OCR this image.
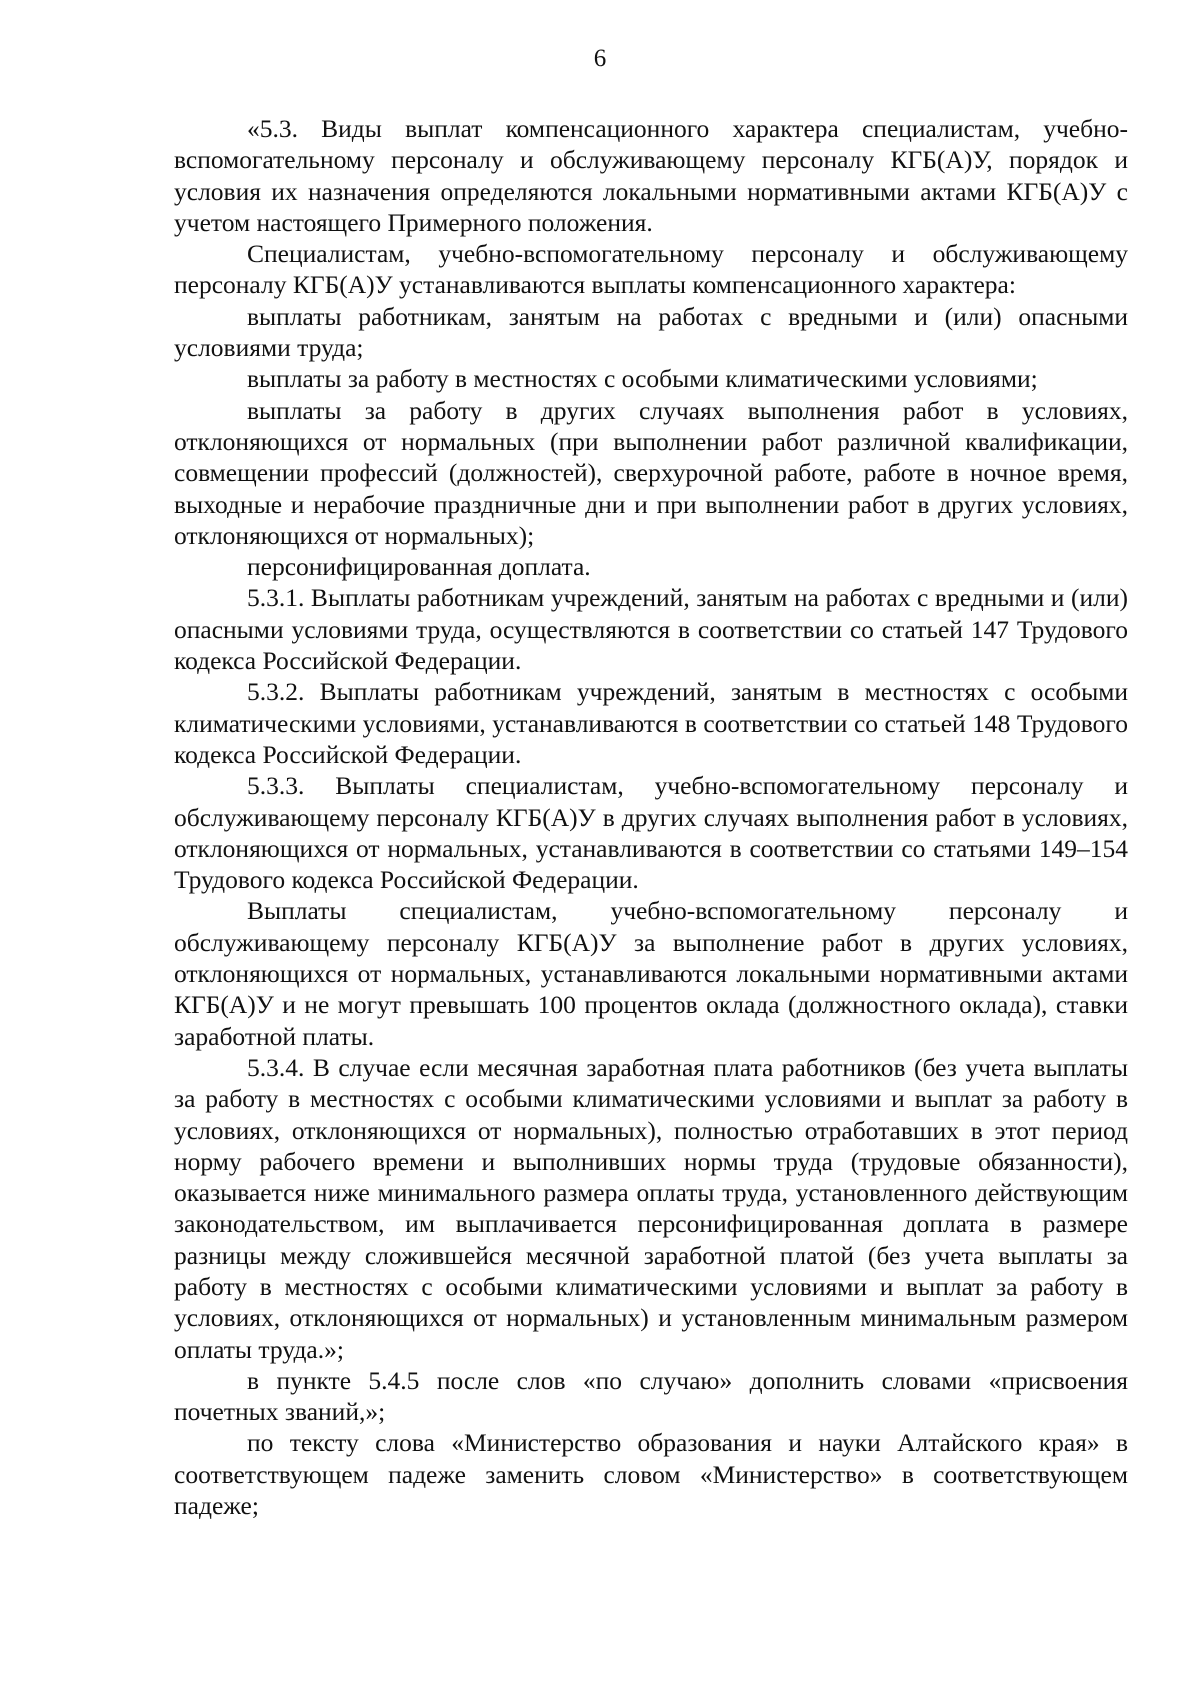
6

«5.3. Виды выплат компенсационного характера специалистам, учебно-вспомогательному персоналу и обслуживающему персоналу КГБ(А)У, порядок и условия их назначения определяются локальными нормативными актами КГБ(А)У с учетом настоящего Примерного положения.

Специалистам, учебно-вспомогательному персоналу и обслуживающему персоналу КГБ(А)У устанавливаются выплаты компенсационного характера:

выплаты работникам, занятым на работах с вредными и (или) опасными условиями труда;

выплаты за работу в местностях с особыми климатическими условиями;

выплаты за работу в других случаях выполнения работ в условиях, отклоняющихся от нормальных (при выполнении работ различной квалификации, совмещении профессий (должностей), сверхурочной работе, работе в ночное время, выходные и нерабочие праздничные дни и при выполнении работ в других условиях, отклоняющихся от нормальных);

персонифицированная доплата.

5.3.1. Выплаты работникам учреждений, занятым на работах с вредными и (или) опасными условиями труда, осуществляются в соответствии со статьей 147 Трудового кодекса Российской Федерации.

5.3.2. Выплаты работникам учреждений, занятым в местностях с особыми климатическими условиями, устанавливаются в соответствии со статьей 148 Трудового кодекса Российской Федерации.

5.3.3. Выплаты специалистам, учебно-вспомогательному персоналу и обслуживающему персоналу КГБ(А)У в других случаях выполнения работ в условиях, отклоняющихся от нормальных, устанавливаются в соответствии со статьями 149–154 Трудового кодекса Российской Федерации.

Выплаты специалистам, учебно-вспомогательному персоналу и обслуживающему персоналу КГБ(А)У за выполнение работ в других условиях, отклоняющихся от нормальных, устанавливаются локальными нормативными актами КГБ(А)У и не могут превышать 100 процентов оклада (должностного оклада), ставки заработной платы.

5.3.4. В случае если месячная заработная плата работников (без учета выплаты за работу в местностях с особыми климатическими условиями и выплат за работу в условиях, отклоняющихся от нормальных), полностью отработавших в этот период норму рабочего времени и выполнивших нормы труда (трудовые обязанности), оказывается ниже минимального размера оплаты труда, установленного действующим законодательством, им выплачивается персонифицированная доплата в размере разницы между сложившейся месячной заработной платой (без учета выплаты за работу в местностях с особыми климатическими условиями и выплат за работу в условиях, отклоняющихся от нормальных) и установленным минимальным размером оплаты труда.»;

в пункте 5.4.5 после слов «по случаю» дополнить словами «присвоения почетных званий,»;

по тексту слова «Министерство образования и науки Алтайского края» в соответствующем падеже заменить словом «Министерство» в соответствующем падеже;
